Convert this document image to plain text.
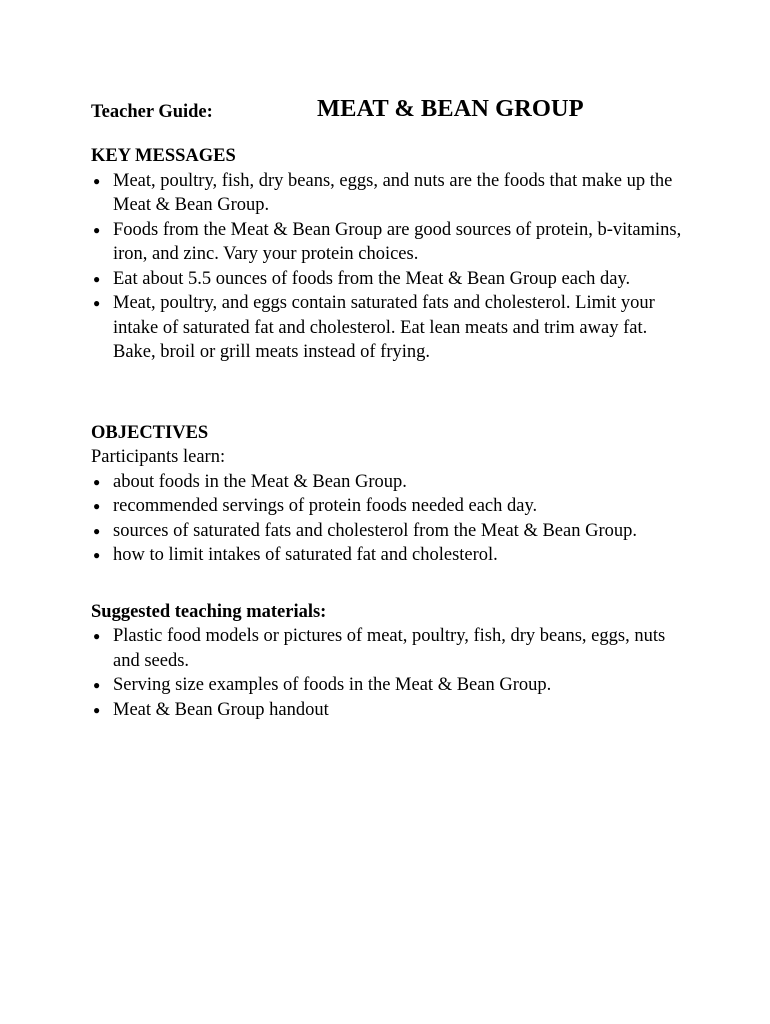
Teacher Guide:	MEAT & BEAN GROUP

KEY MESSAGES

● Meat, poultry, fish, dry beans, eggs, and nuts are the foods that make up the Meat & Bean Group.
● Foods from the Meat & Bean Group are good sources of protein, b-vitamins, iron, and zinc. Vary your protein choices.
● Eat about 5.5 ounces of foods from the Meat & Bean Group each day.
● Meat, poultry, and eggs contain saturated fats and cholesterol. Limit your intake of saturated fat and cholesterol. Eat lean meats and trim away fat. Bake, broil or grill meats instead of frying.

OBJECTIVES

Participants learn:

● about foods in the Meat & Bean Group.
● recommended servings of protein foods needed each day.
● sources of saturated fats and cholesterol from the Meat & Bean Group.
● how to limit intakes of saturated fat and cholesterol.

Suggested teaching materials:

● Plastic food models or pictures of meat, poultry, fish, dry beans, eggs, nuts and seeds.
● Serving size examples of foods in the Meat & Bean Group.
● Meat & Bean Group handout
